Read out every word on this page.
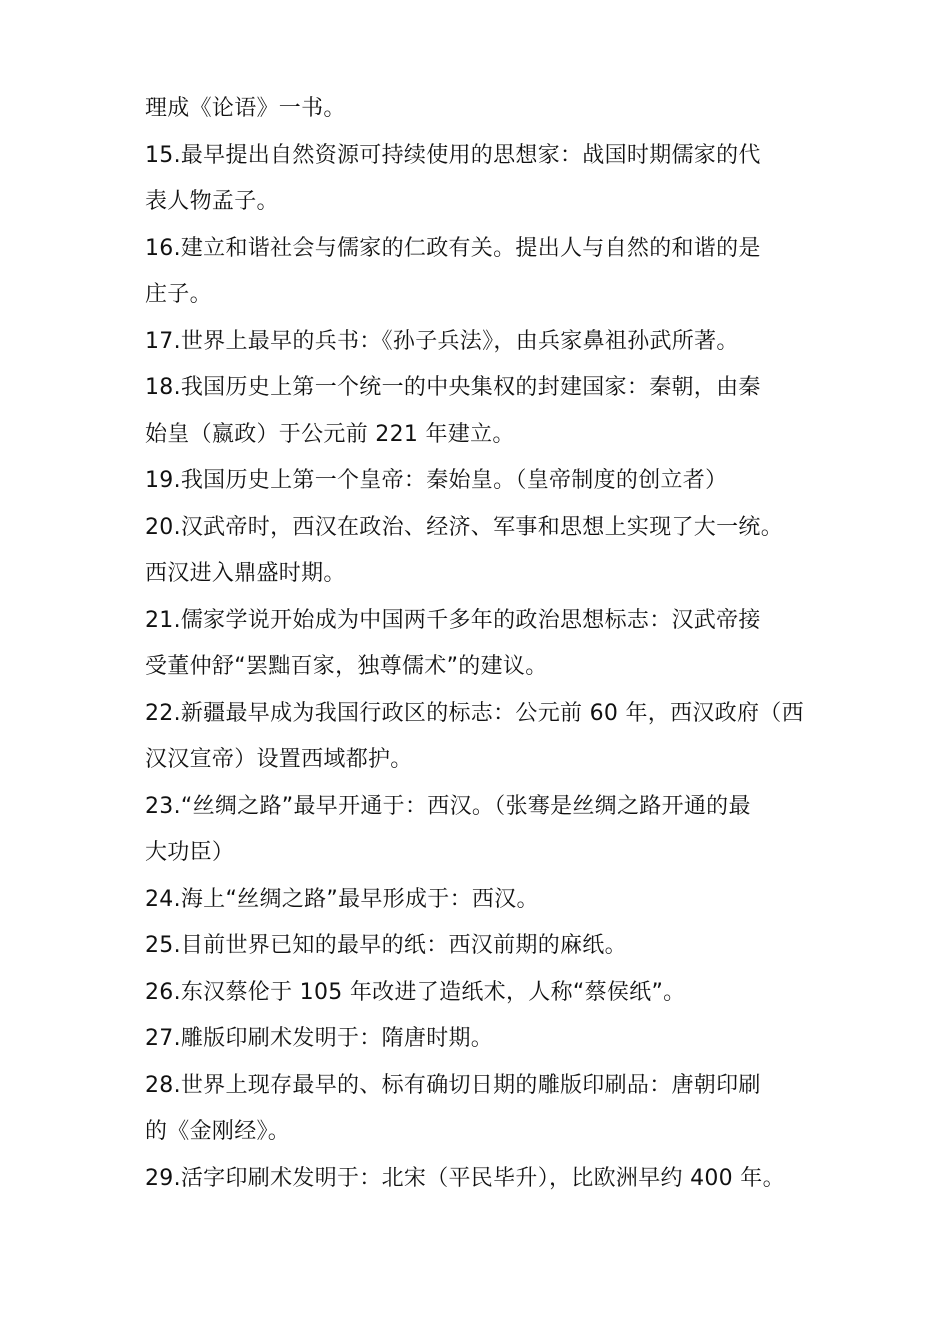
理成《论语》一书。
15.最早提出自然资源可持续使用的思想家：战国时期儒家的代
表人物孟子。
16.建立和谐社会与儒家的仁政有关。提出人与自然的和谐的是
庄子。
17.世界上最早的兵书：《孙子兵法》，由兵家鼻祖孙武所著。
18.我国历史上第一个统一的中央集权的封建国家：秦朝，由秦
始皇（嬴政）于公元前 221 年建立。
19.我国历史上第一个皇帝：秦始皇。（皇帝制度的创立者）
20.汉武帝时，西汉在政治、经济、军事和思想上实现了大一统。
西汉进入鼎盛时期。
21.儒家学说开始成为中国两千多年的政治思想标志：汉武帝接
受董仲舒“罢黜百家，独尊儒术”的建议。
22.新疆最早成为我国行政区的标志：公元前 60 年，西汉政府（西
汉汉宣帝）设置西域都护。
23.“丝绸之路”最早开通于：西汉。（张骞是丝绸之路开通的最
大功臣）
24.海上“丝绸之路”最早形成于：西汉。
25.目前世界已知的最早的纸：西汉前期的麻纸。
26.东汉蔡伦于 105 年改进了造纸术，人称“蔡侯纸”。
27.雕版印刷术发明于：隋唐时期。
28.世界上现存最早的、标有确切日期的雕版印刷品：唐朝印刷
的《金刚经》。
29.活字印刷术发明于：北宋（平民毕升），比欧洲早约 400 年。
